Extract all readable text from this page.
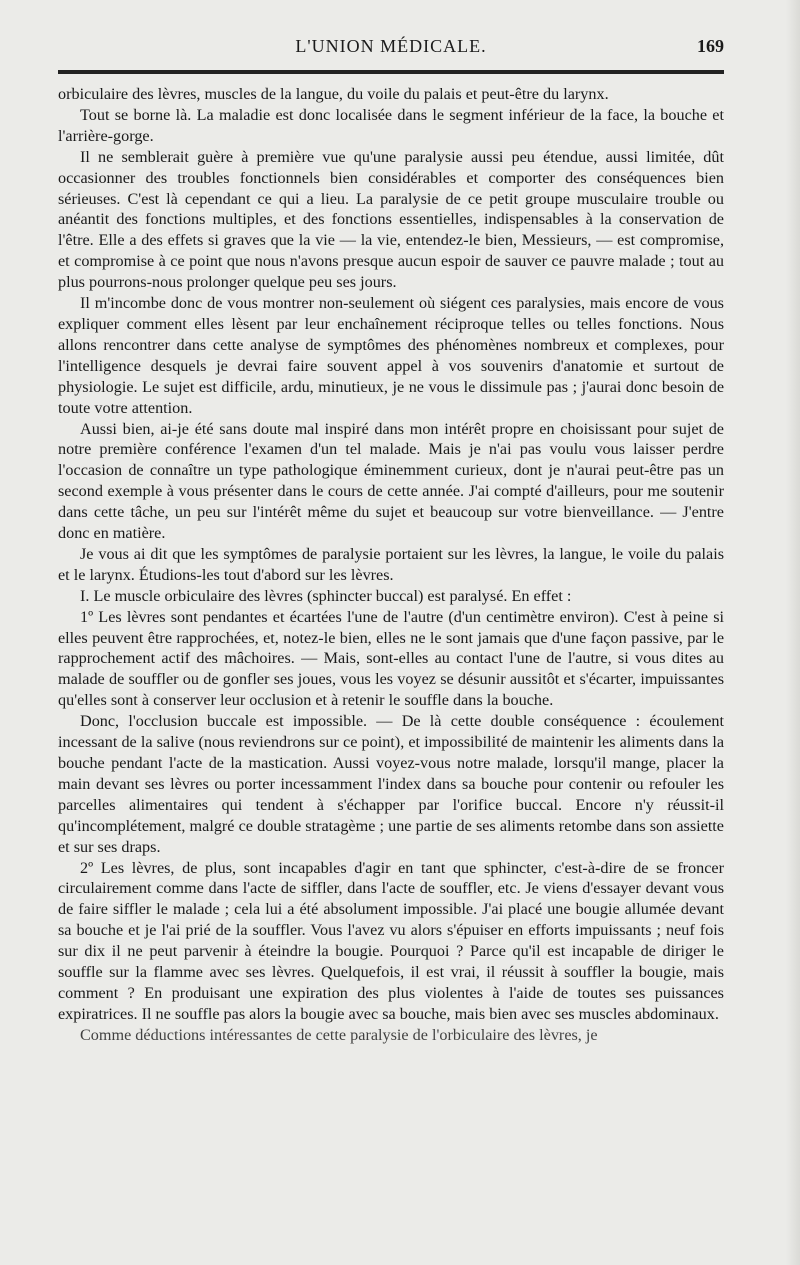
L'UNION MÉDICALE.	169

orbiculaire des lèvres, muscles de la langue, du voile du palais et peut-être du larynx.

Tout se borne là. La maladie est donc localisée dans le segment inférieur de la face, la bouche et l'arrière-gorge.

Il ne semblerait guère à première vue qu'une paralysie aussi peu étendue, aussi limitée, dût occasionner des troubles fonctionnels bien considérables et comporter des conséquences bien sérieuses. C'est là cependant ce qui a lieu. La paralysie de ce petit groupe musculaire trouble ou anéantit des fonctions multiples, et des fonctions essentielles, indispensables à la conservation de l'être. Elle a des effets si graves que la vie — la vie, entendez-le bien, Messieurs, — est compromise, et compromise à ce point que nous n'avons presque aucun espoir de sauver ce pauvre malade ; tout au plus pourrons-nous prolonger quelque peu ses jours.

Il m'incombe donc de vous montrer non-seulement où siégent ces paralysies, mais encore de vous expliquer comment elles lèsent par leur enchaînement réciproque telles ou telles fonctions. Nous allons rencontrer dans cette analyse de symptômes des phénomènes nombreux et complexes, pour l'intelligence desquels je devrai faire souvent appel à vos souvenirs d'anatomie et surtout de physiologie. Le sujet est difficile, ardu, minutieux, je ne vous le dissimule pas ; j'aurai donc besoin de toute votre attention.

Aussi bien, ai-je été sans doute mal inspiré dans mon intérêt propre en choisissant pour sujet de notre première conférence l'examen d'un tel malade. Mais je n'ai pas voulu vous laisser perdre l'occasion de connaître un type pathologique éminemment curieux, dont je n'aurai peut-être pas un second exemple à vous présenter dans le cours de cette année. J'ai compté d'ailleurs, pour me soutenir dans cette tâche, un peu sur l'intérêt même du sujet et beaucoup sur votre bienveillance. — J'entre donc en matière.

Je vous ai dit que les symptômes de paralysie portaient sur les lèvres, la langue, le voile du palais et le larynx. Étudions-les tout d'abord sur les lèvres.

I. Le muscle orbiculaire des lèvres (sphincter buccal) est paralysé. En effet :

1º Les lèvres sont pendantes et écartées l'une de l'autre (d'un centimètre environ). C'est à peine si elles peuvent être rapprochées, et, notez-le bien, elles ne le sont jamais que d'une façon passive, par le rapprochement actif des mâchoires. — Mais, sont-elles au contact l'une de l'autre, si vous dites au malade de souffler ou de gonfler ses joues, vous les voyez se désunir aussitôt et s'écarter, impuissantes qu'elles sont à conserver leur occlusion et à retenir le souffle dans la bouche.

Donc, l'occlusion buccale est impossible. — De là cette double conséquence : écoulement incessant de la salive (nous reviendrons sur ce point), et impossibilité de maintenir les aliments dans la bouche pendant l'acte de la mastication. Aussi voyez-vous notre malade, lorsqu'il mange, placer la main devant ses lèvres ou porter incessamment l'index dans sa bouche pour contenir ou refouler les parcelles alimentaires qui tendent à s'échapper par l'orifice buccal. Encore n'y réussit-il qu'incomplétement, malgré ce double stratagème ; une partie de ses aliments retombe dans son assiette et sur ses draps.

2º Les lèvres, de plus, sont incapables d'agir en tant que sphincter, c'est-à-dire de se froncer circulairement comme dans l'acte de siffler, dans l'acte de souffler, etc. Je viens d'essayer devant vous de faire siffler le malade ; cela lui a été absolument impossible. J'ai placé une bougie allumée devant sa bouche et je l'ai prié de la souffler. Vous l'avez vu alors s'épuiser en efforts impuissants ; neuf fois sur dix il ne peut parvenir à éteindre la bougie. Pourquoi ? Parce qu'il est incapable de diriger le souffle sur la flamme avec ses lèvres. Quelquefois, il est vrai, il réussit à souffler la bougie, mais comment ? En produisant une expiration des plus violentes à l'aide de toutes ses puissances expiratrices. Il ne souffle pas alors la bougie avec sa bouche, mais bien avec ses muscles abdominaux.

Comme déductions intéressantes de cette paralysie de l'orbiculaire des lèvres, je
